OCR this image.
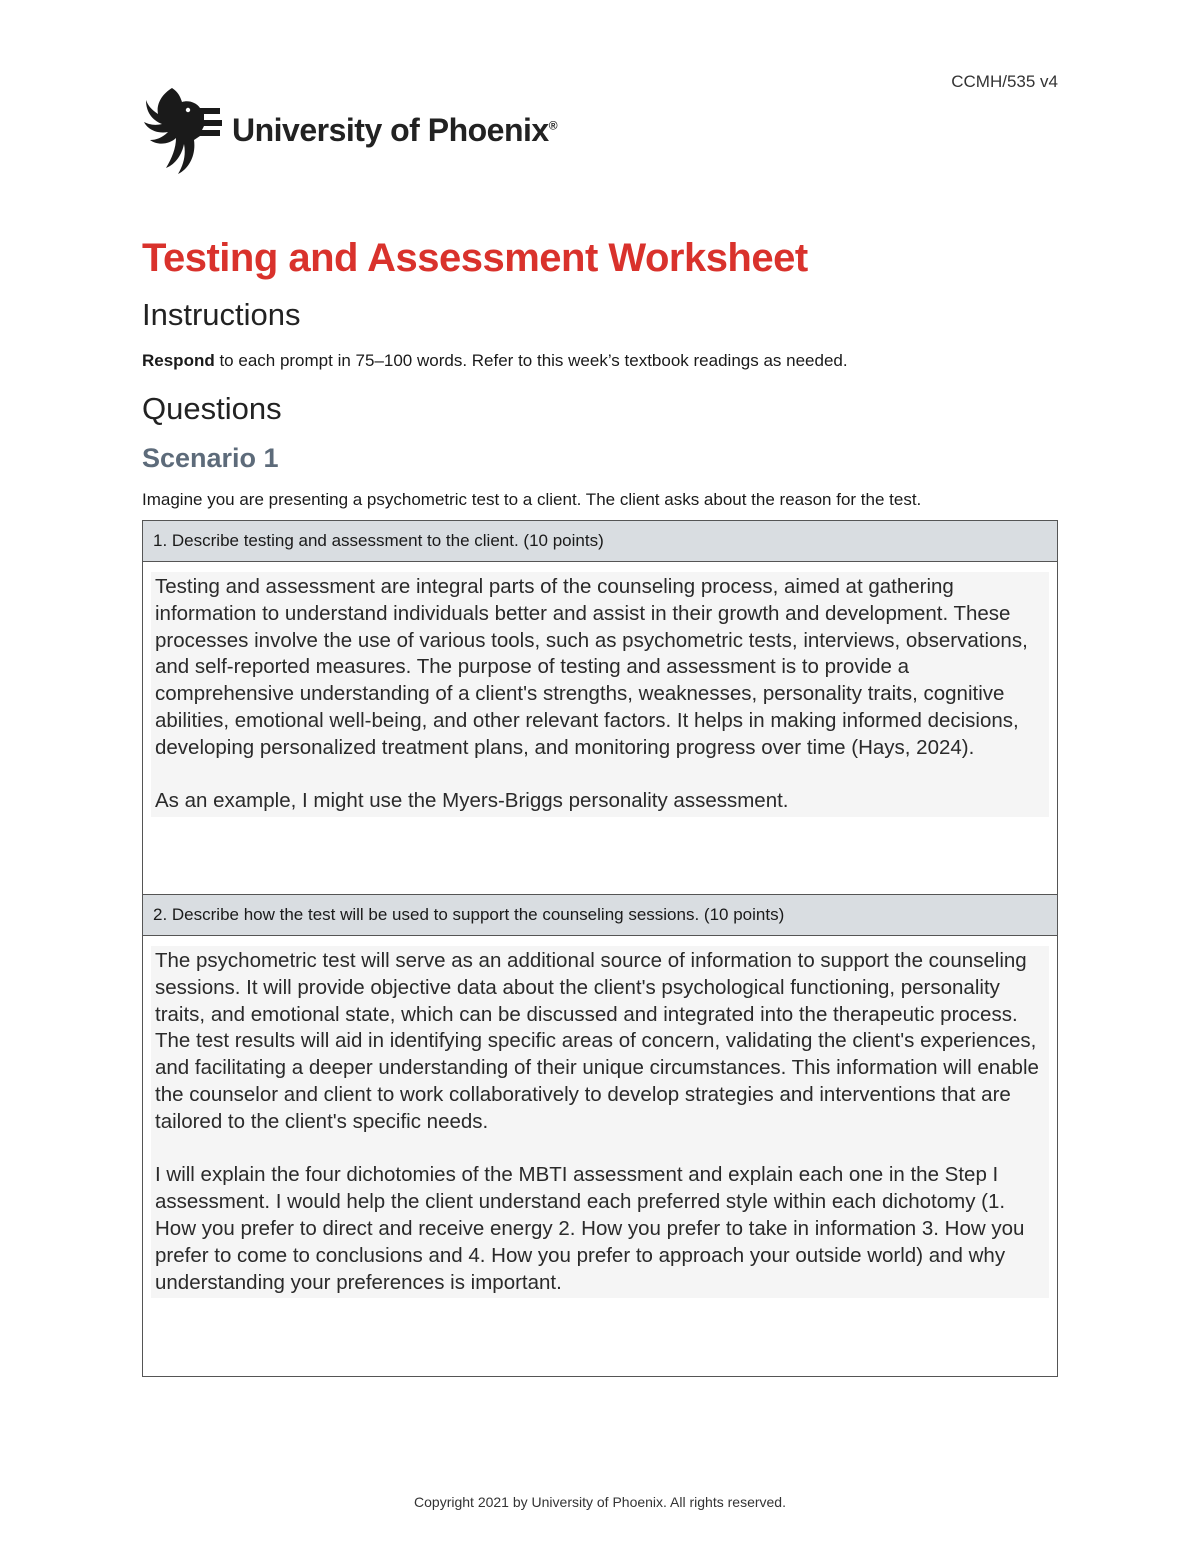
CCMH/535 v4
University of Phoenix®
Testing and Assessment Worksheet
Instructions

Respond to each prompt in 75–100 words. Refer to this week’s textbook readings as needed.

Questions
Scenario 1

Imagine you are presenting a psychometric test to a client. The client asks about the reason for the test.

1. Describe testing and assessment to the client. (10 points)

Testing and assessment are integral parts of the counseling process, aimed at gathering information to understand individuals better and assist in their growth and development. These processes involve the use of various tools, such as psychometric tests, interviews, observations, and self-reported measures. The purpose of testing and assessment is to provide a comprehensive understanding of a client's strengths, weaknesses, personality traits, cognitive abilities, emotional well-being, and other relevant factors. It helps in making informed decisions, developing personalized treatment plans, and monitoring progress over time (Hays, 2024).

As an example, I might use the Myers-Briggs personality assessment.

2. Describe how the test will be used to support the counseling sessions. (10 points)

The psychometric test will serve as an additional source of information to support the counseling sessions. It will provide objective data about the client's psychological functioning, personality traits, and emotional state, which can be discussed and integrated into the therapeutic process. The test results will aid in identifying specific areas of concern, validating the client's experiences, and facilitating a deeper understanding of their unique circumstances. This information will enable the counselor and client to work collaboratively to develop strategies and interventions that are tailored to the client's specific needs.

I will explain the four dichotomies of the MBTI assessment and explain each one in the Step I assessment. I would help the client understand each preferred style within each dichotomy (1. How you prefer to direct and receive energy 2. How you prefer to take in information 3. How you prefer to come to conclusions and 4. How you prefer to approach your outside world) and why understanding your preferences is important.

Copyright 2021 by University of Phoenix. All rights reserved.
